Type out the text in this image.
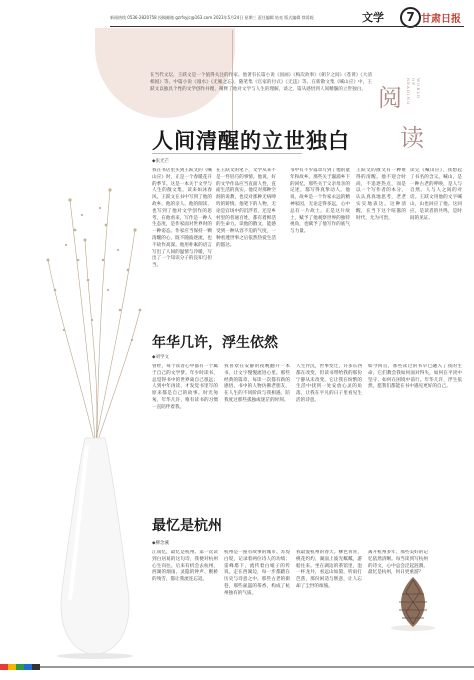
新闻热线 0536-2820758 投稿邮箱 gzrfsyjc@163.com 2023年5月24日 星期三 责任编辑 姑亮 版式编辑 徐爱妮	文学	7 甘肃日报
阅	WORLD OF READING
读
在当代文坛，王跃文是一个值得关注的作家。他著有长篇小说《国画》《梅次故事》《朝夕之间》《苍黄》《大清相国》等，中篇小说《漫水》《无雁之忘》，随笔集《官家的付式》《无违》等。在新散文集《喊山应》中，王跃文以独具个性的文学创作并理，阐释了他对文学与人生的理解，谈之，篇从感悟到人间精髓的立世独白。
人间清醒的立世独白
◆张光芒
我在书店里买到王跃文的《喊山应》时，正是一个春暖花开的季节。这是一本关于文学与人生的散文集，读来如沐春风。王跃文在书中写到了他的故乡、他的亲人、他的阅读，也写到了他对文学创作的思考。在他看来，写作是一种人生态度，是作家面对世界时的一种姿态。作家应当保持一颗清醒的心，既不随波逐流，也不故作高深。他用朴素的语言写出了人间的温情与冷暖，写出了一个知识分子的良知与担当。
在王跃文的笔下，文学从来不是一件轻巧的事情。他说，好的文学作品应当直面人性，直面生活的真实。他反对那种空洞的说教，也反对那种无病呻吟的矫情。他笔下的人物，无论是官场中的沉浮者，还是乡村里的普通百姓，都有着鲜活的生命力。读他的散文，能感受到一种从容不迫的气度，一种看透世事之后依然热爱生活的豁达。
书中有不少篇章写到了他的童年和故乡。那些关于溆浦乡下的回忆，那些关于父亲母亲的记述，都写得真挚动人。他说，故乡是一个作家永远的精神家园，无论走得多远，心中总有一片故土。正是这片故土，赋予了他观察世界的独特视角，也赋予了他写作的底气与力量。
王跃文的散文有一种难得的清醒。他不迎合时尚，不追逐热点，而是以一个写作者的本分，认认真真地思考，老老实实地表达。这种清醒，在当下这个喧嚣的时代，尤为可贵。
读完《喊山应》，我想起了书名的含义。喊山，是一种古老的呼唤，是人与自然、人与人之间的对话。王跃文用他的文字喊山，山也回应了他。这回应，是读者的共鸣，是时间的见证。
年华几许，浮生依然
◆刘学文
曾经，每个读者心中都有一个属于自己的文学梦。年少时读书，总觉得书中的世界离自己很远；人到中年再读，才发觉书里写的原来都是自己的故事。时光匆匆，年华几许，唯有读书的习惯一直陪伴着我。
我喜欢在安静的夜晚翻开一本书，让文字慢慢流进心里。那些经典的篇章，每读一次都有新的感悟。书中的人物仿佛老朋友，在人生的不同阶段与我相遇，陪我度过那些孤独或迷茫的时刻。
人生浮沉，世事变迁，许多东西都在改变，但读书带给我的那份宁静从未改变。它让我在纷繁的生活中找到一处安放心灵的角落，让我在平凡的日子里看见生活的诗意。
如今回首，那些读过的书早已融入了我的生命。它们教会我如何面对得失，如何在平淡中坚守，如何在困境中前行。年华几许，浮生依然，愿我们都能在书中遇见更好的自己。
最忆是杭州
◆柳念溪
江南忆，最忆是杭州。第一次读到白居易的这句诗，我便对杭州心生向往。后来有机会去杭州，西湖的烟雨、灵隐的钟声、断桥的残雪，都让我流连忘返。
杭州是一座有故事的城市。苏堤白堤，记录着两位诗人的功绩；雷峰塔下，流传着白娘子的传说。走在西湖边，每一步都踏在历史与诗意之中。那些古老的街巷，那些氤氲的茶香，构成了杭州独有的气质。
我最爱杭州的春天。柳色青青，桃花灼灼，湖面上波光粼粼，游船往来。坐在湖边的茶馆里，泡一杯龙井，看远山如黛，听雨打芭蕉，那份闲适与惬意，让人忘却了尘世的烦恼。
离开杭州多年，那些美好的记忆依然清晰。每当读到写杭州的诗文，心中总会泛起涟漪。最忆是杭州，何日更重游？
